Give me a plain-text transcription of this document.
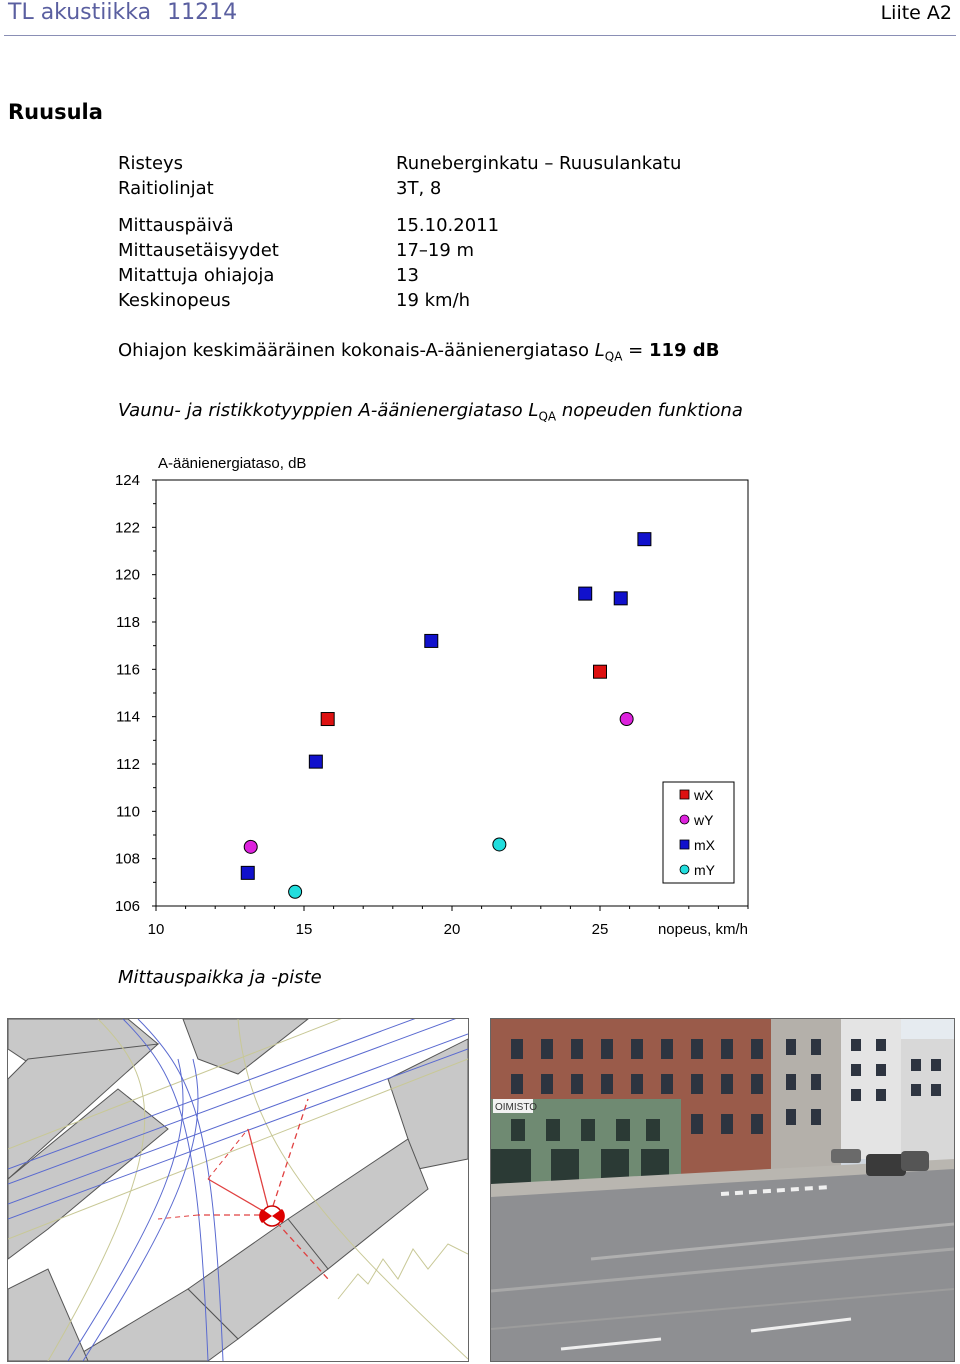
TL akustiikka 11214	Liite A2
Ruusula
Risteys	Runeberginkatu – Ruusulankatu
Raitiolinjat	3T, 8
Mittauspäivä	15.10.2011
Mittausetäisyydet	17–19 m
Mitattuja ohiajoja	13
Keskinopeus	19 km/h
Ohiajon keskimääräinen kokonais-A-äänienergiataso $L_{QA} = 119$ dB
Vaunu- ja ristikkotyyppien A-äänienergiataso $L_{QA}$ nopeuden funktiona
106
108
110
112
114
116
118
120
122
124
10	15	20	25
A-äänienergiataso, dB
nopeus, km/h
wX
wY
mX
mY
Mittauspaikka ja -piste
OIMISTO
